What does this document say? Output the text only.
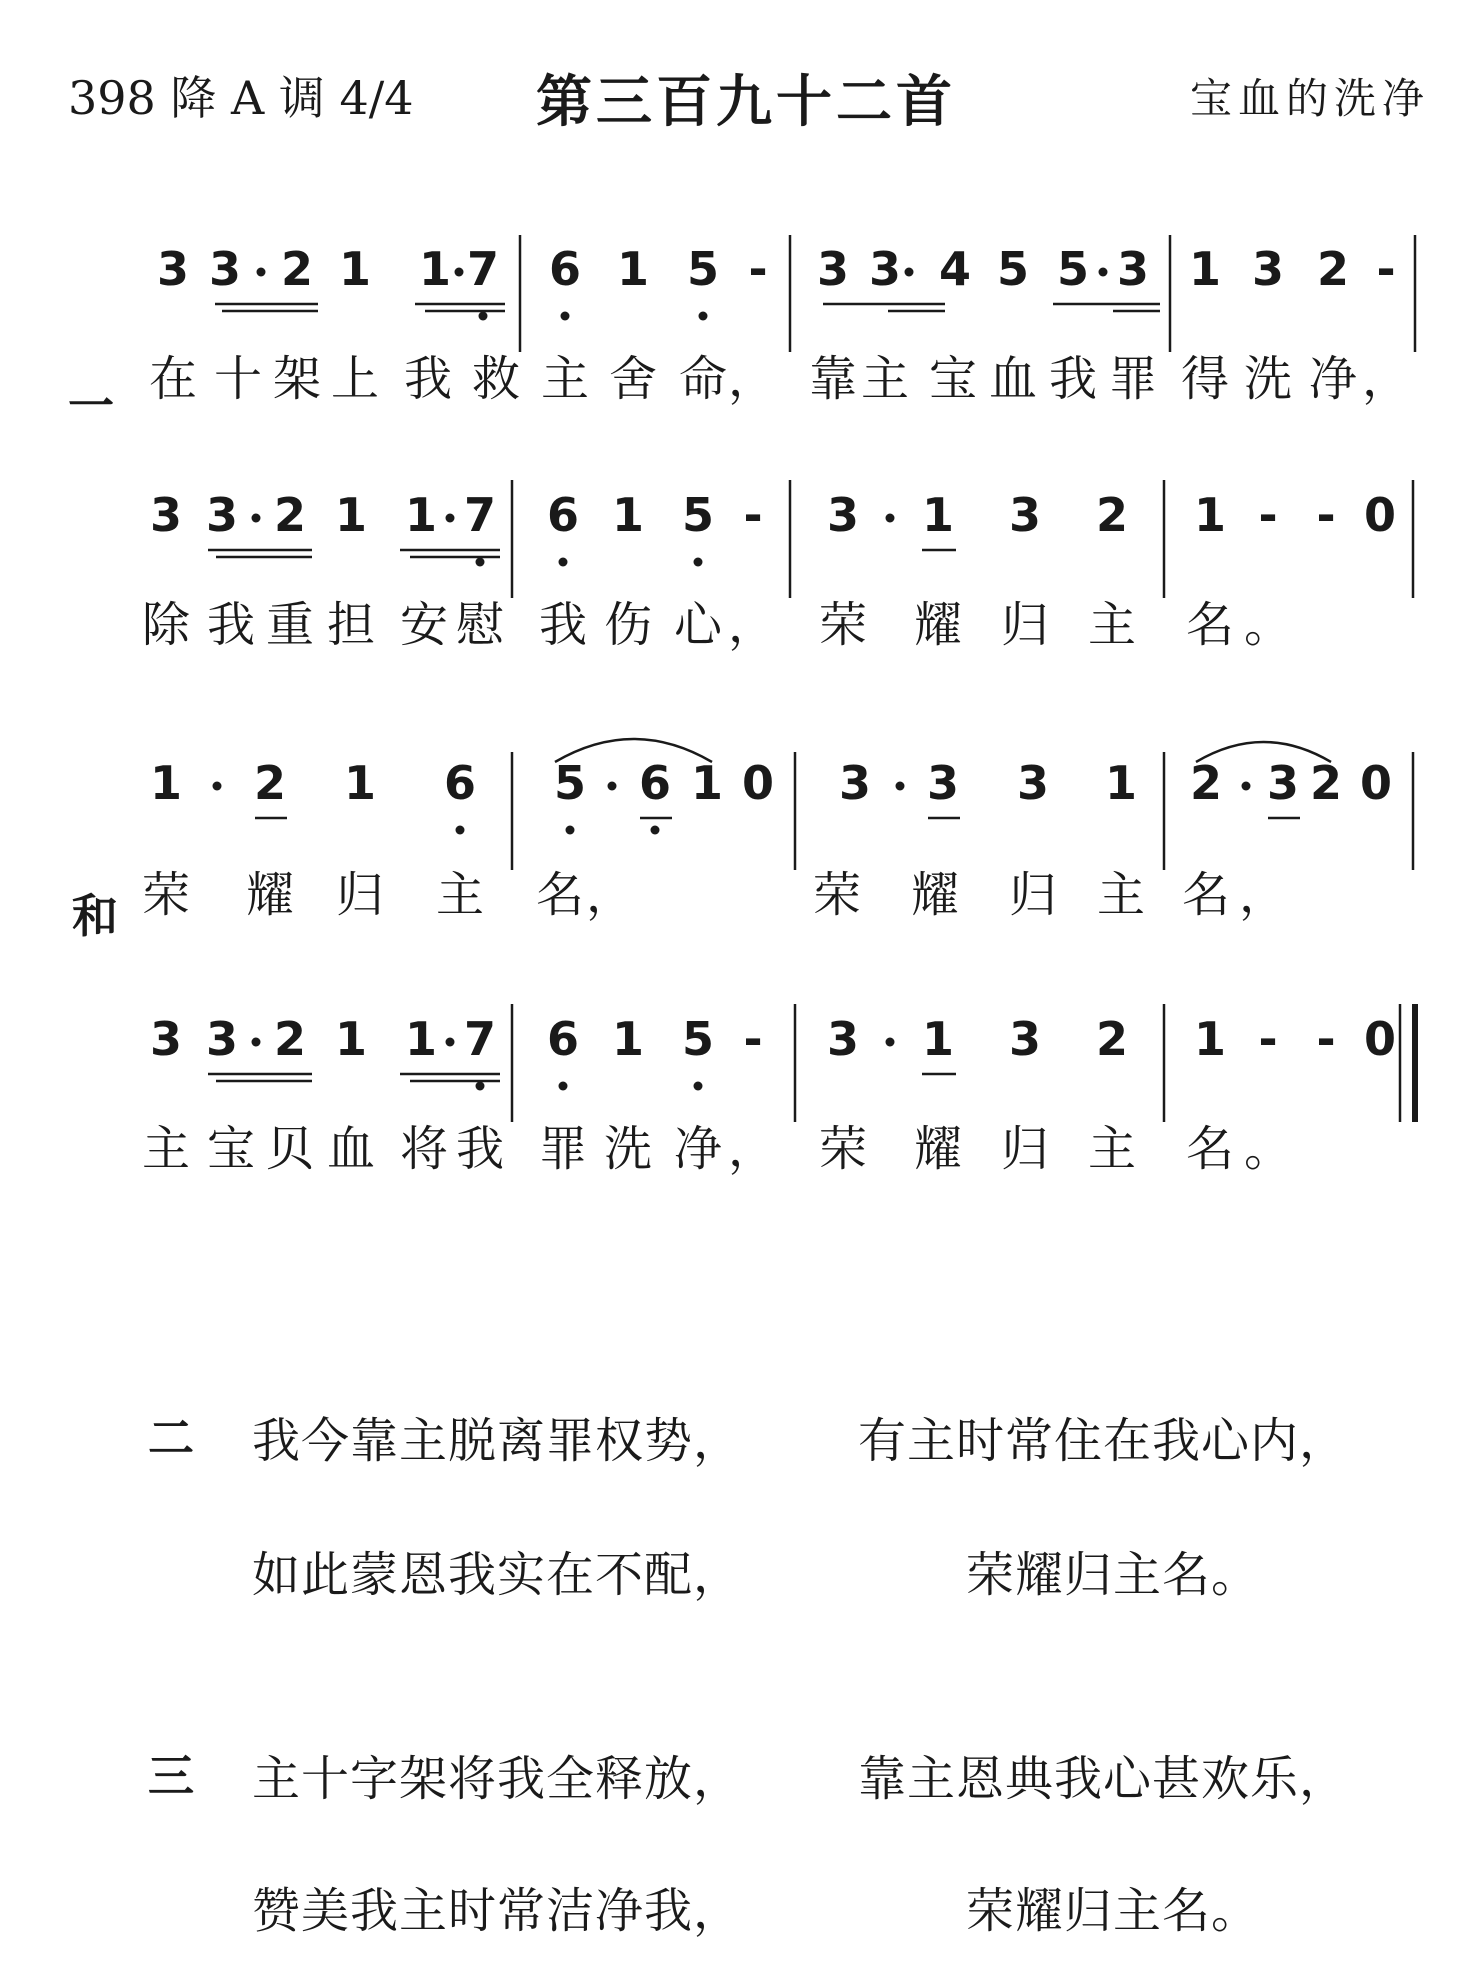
398 降 A 调 4/4 第三百九十二首	宝血的洗净
3 3 2 1 1 7 6 1 5 - 3 3 4 5 5 3 1 3 2 -
在 十 架 上 我 救 主 舍 命 ， 靠 主 宝 血 我 罪 得 洗 净 ，
3 3 2 1 1 7 6 1 5 - 3 1 3 2 1 - - 0
除 我 重 担 安 慰 我 伤 心 ， 荣 耀 归 主 名 。
1 2 1 6 5 6 1 0 3 3 3 1 2 3 2 0
荣 耀 归 主 名 ，	荣 耀 归 主 名 ，
3 3 2 1 1 7 6 1 5 - 3 1 3 2 1 - - 0
主 宝 贝 血 将 我 罪 洗 净 ， 荣 耀 归 主 名 。
一
和
二 我今靠主脱离罪权势， 有主时常住在我心内，
如此蒙恩我实在不配，	荣耀归主名。
三 主十字架将我全释放， 靠主恩典我心甚欢乐，
赞美我主时常洁净我，	荣耀归主名。
